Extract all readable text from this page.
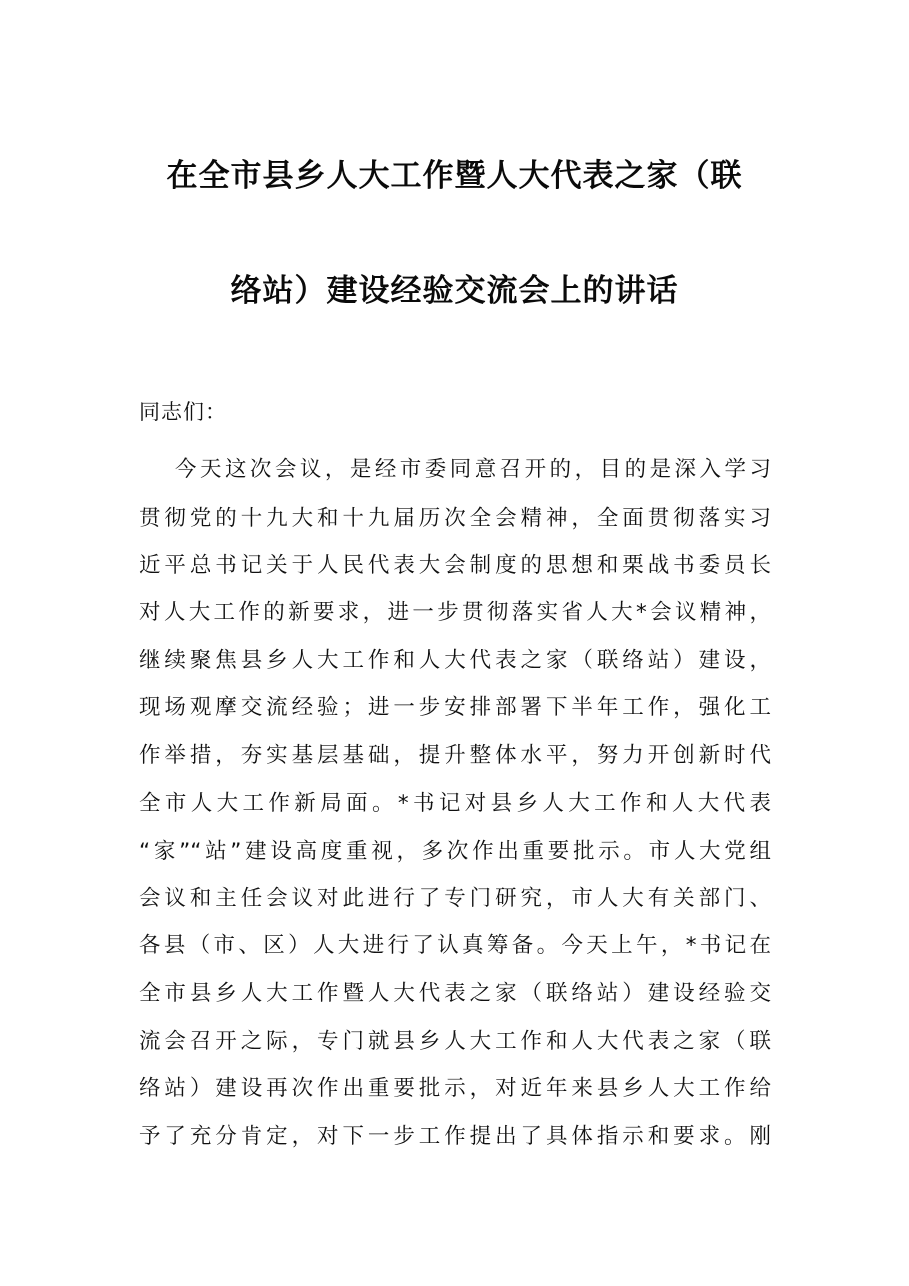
在全市县乡人大工作暨人大代表之家（联
络站）建设经验交流会上的讲话
同志们：
今天这次会议，是经市委同意召开的，目的是深入学习
贯彻党的十九大和十九届历次全会精神，全面贯彻落实习
近平总书记关于人民代表大会制度的思想和栗战书委员长
对人大工作的新要求，进一步贯彻落实省人大*会议精神，
继续聚焦县乡人大工作和人大代表之家（联络站）建设，
现场观摩交流经验；进一步安排部署下半年工作，强化工
作举措，夯实基层基础，提升整体水平，努力开创新时代
全市人大工作新局面。*书记对县乡人大工作和人大代表
“家”“站”建设高度重视，多次作出重要批示。市人大党组
会议和主任会议对此进行了专门研究，市人大有关部门、
各县（市、区）人大进行了认真筹备。今天上午，*书记在
全市县乡人大工作暨人大代表之家（联络站）建设经验交
流会召开之际，专门就县乡人大工作和人大代表之家（联
络站）建设再次作出重要批示，对近年来县乡人大工作给
予了充分肯定，对下一步工作提出了具体指示和要求。刚
